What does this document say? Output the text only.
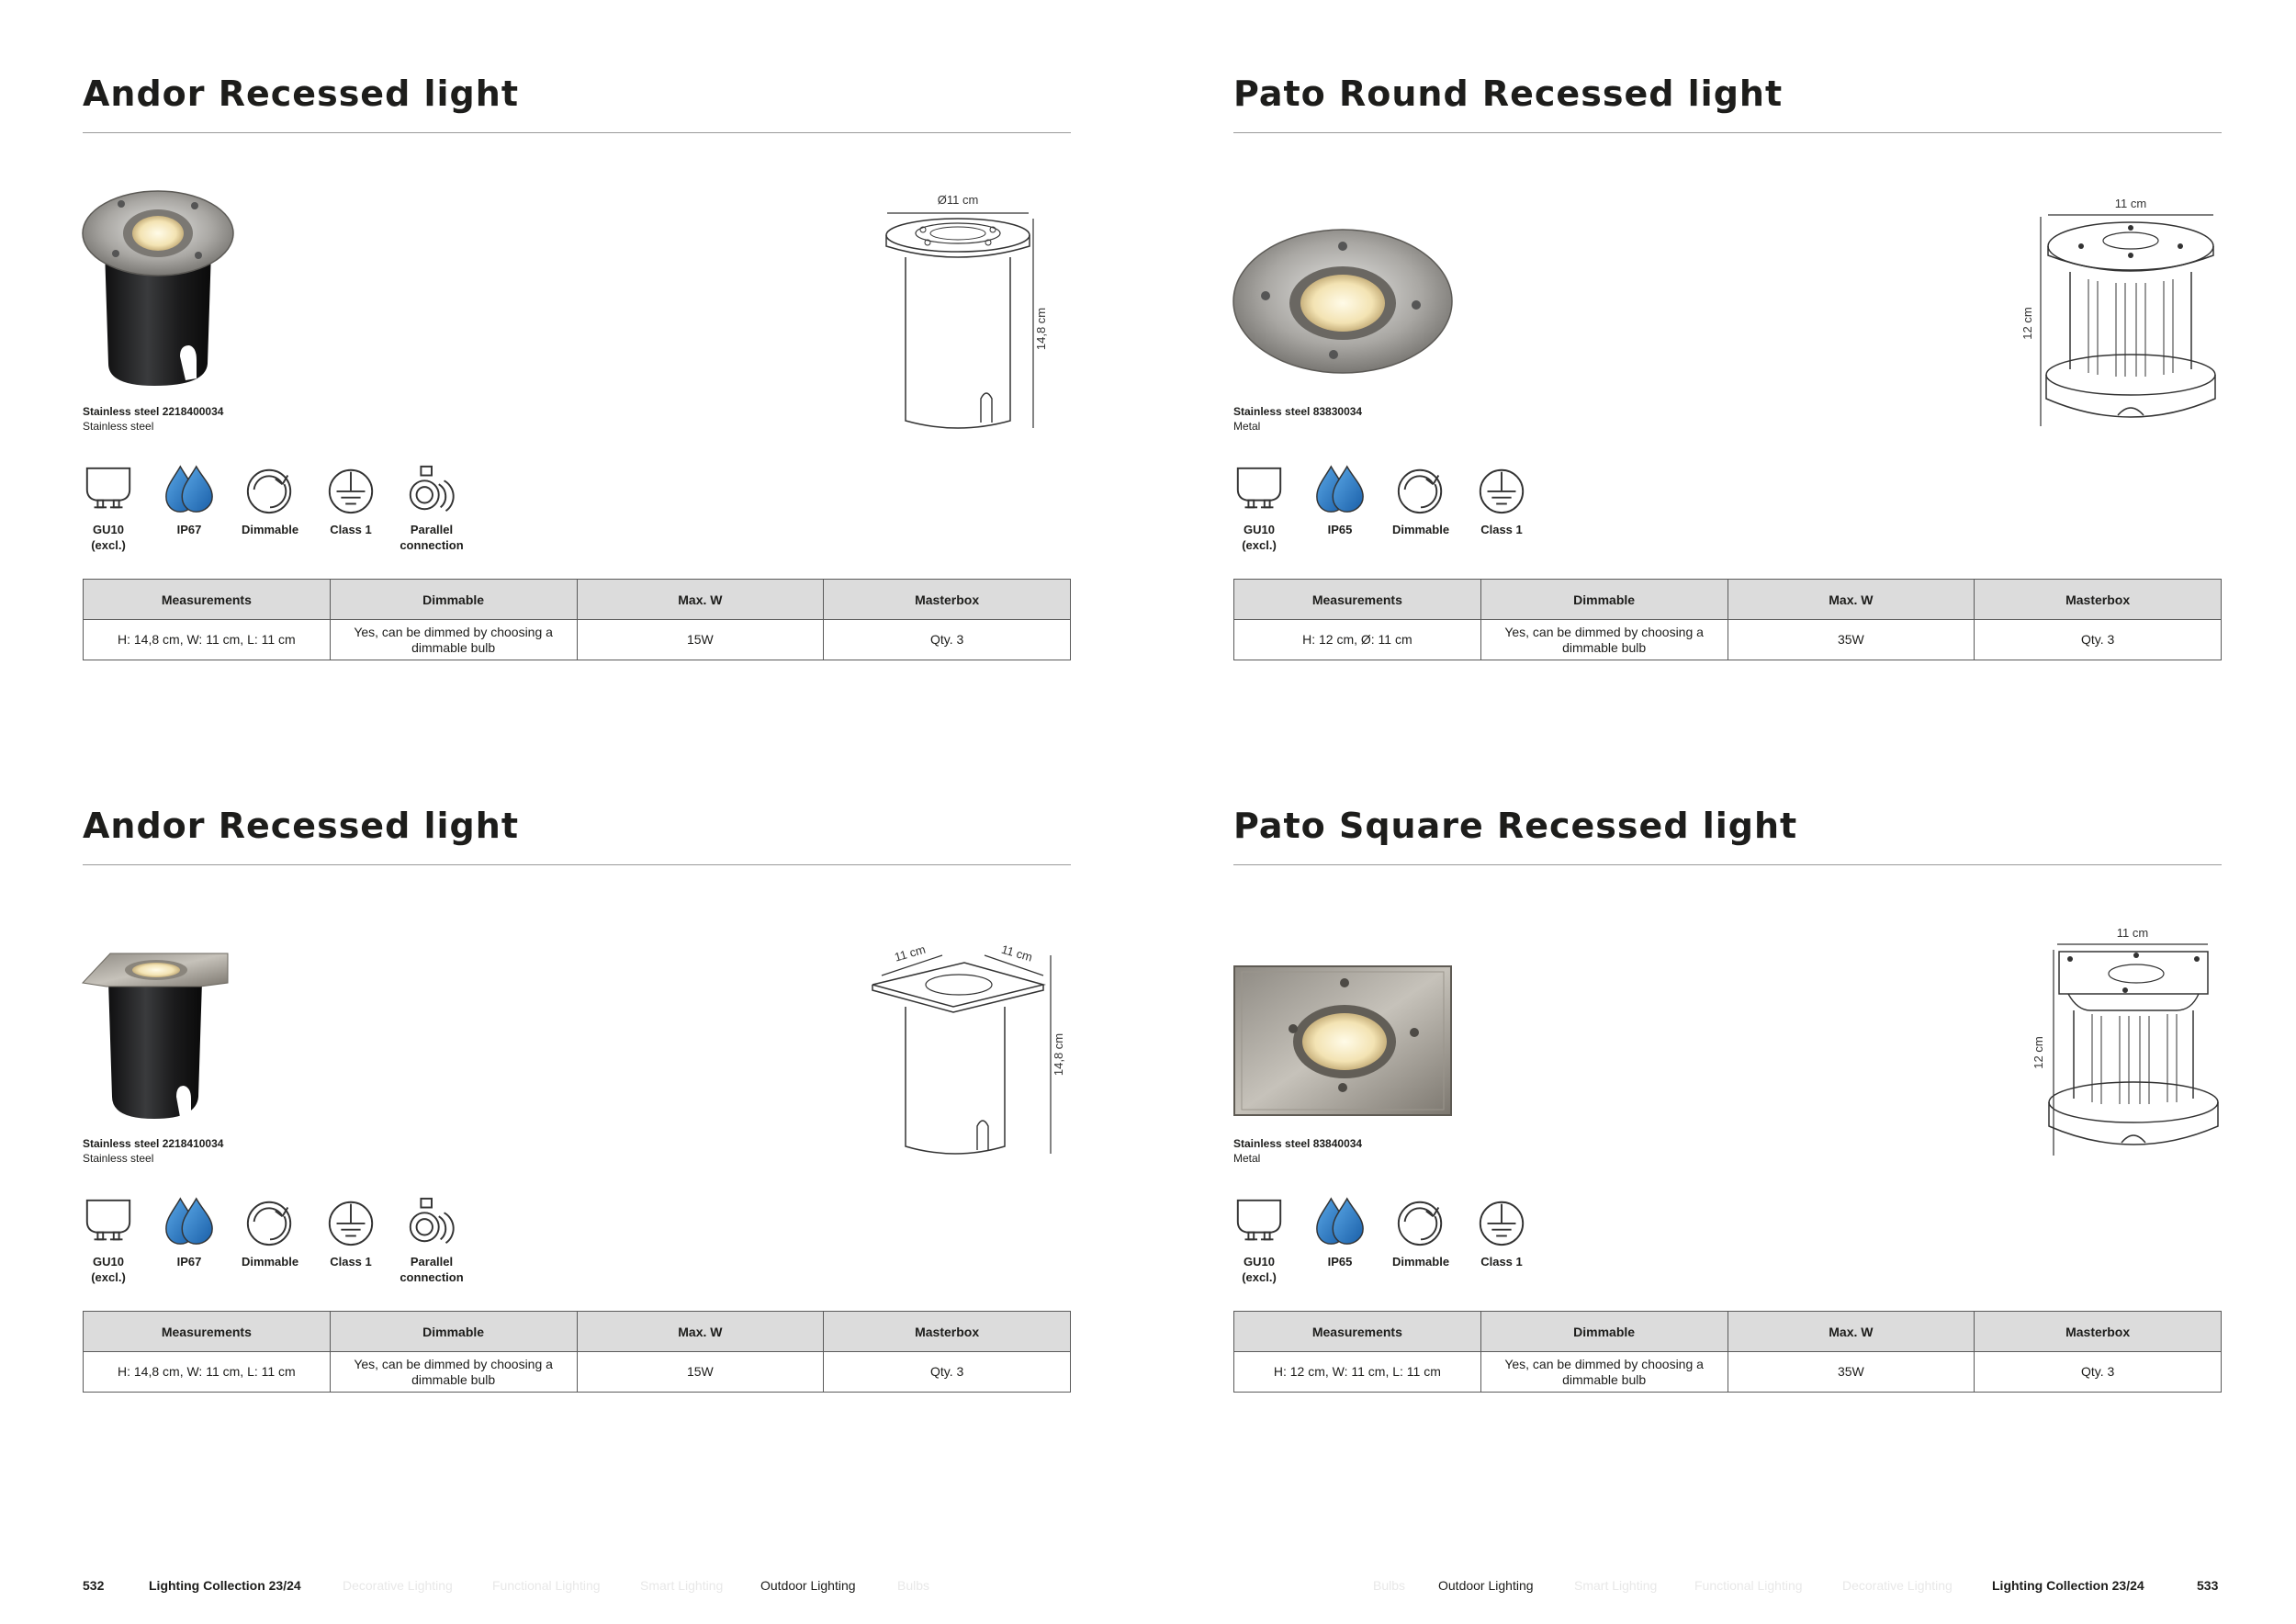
Andor Recessed light
Stainless steel 2218400034
Stainless steel
Ø11 cm
14,8 cm
GU10
(excl.)
IP67	Dimmable	Class 1	Parallel
connection
Measurements	Dimmable	Max. W	Masterbox
H: 14,8 cm, W: 11 cm, L: 11 cm	Yes, can be dimmed by choosing a dimmable bulb	15W	Qty. 3
Pato Round Recessed light
Stainless steel 83830034
Metal
11 cm
12 cm
GU10
(excl.)
IP65	Dimmable	Class 1
Measurements	Dimmable	Max. W	Masterbox
H: 12 cm, Ø: 11 cm	Yes, can be dimmed by choosing a dimmable bulb	35W	Qty. 3
Andor Recessed light
Stainless steel 2218410034
Stainless steel
11 cm	11 cm
14,8 cm
GU10
(excl.)
IP67	Dimmable	Class 1	Parallel
connection
Measurements	Dimmable	Max. W	Masterbox
H: 14,8 cm, W: 11 cm, L: 11 cm	Yes, can be dimmed by choosing a dimmable bulb	15W	Qty. 3
Pato Square Recessed light
Stainless steel 83840034
Metal
11 cm
12 cm
GU10
(excl.)
IP65	Dimmable	Class 1
Measurements	Dimmable	Max. W	Masterbox
H: 12 cm, W: 11 cm, L: 11 cm	Yes, can be dimmed by choosing a dimmable bulb	35W	Qty. 3
532	Lighting Collection 23/24	Decorative Lighting	Functional Lighting	Smart Lighting	Outdoor Lighting	Bulbs	Bulbs	Outdoor Lighting	Smart Lighting	Functional Lighting	Decorative Lighting	Lighting Collection 23/24	533
